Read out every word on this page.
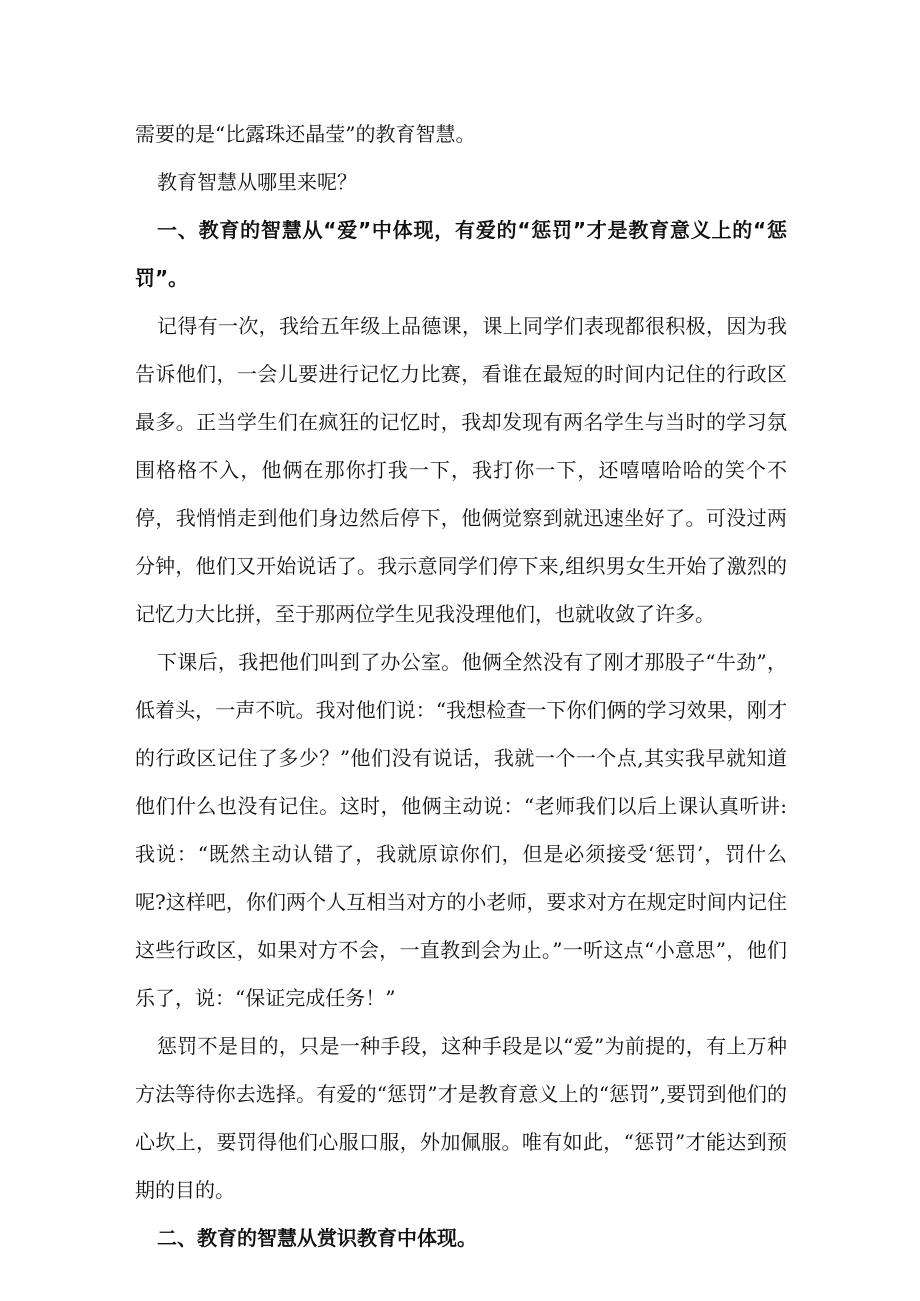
需要的是“比露珠还晶莹”的教育智慧。

教育智慧从哪里来呢？

一、教育的智慧从“爱”中体现，有爱的“惩罚”才是教育意义上的“惩罚”。

记得有一次，我给五年级上品德课，课上同学们表现都很积极，因为我告诉他们，一会儿要进行记忆力比赛，看谁在最短的时间内记住的行政区最多。正当学生们在疯狂的记忆时，我却发现有两名学生与当时的学习氛围格格不入，他俩在那你打我一下，我打你一下，还嘻嘻哈哈的笑个不停，我悄悄走到他们身边然后停下，他俩觉察到就迅速坐好了。可没过两分钟，他们又开始说话了。我示意同学们停下来,组织男女生开始了激烈的记忆力大比拼，至于那两位学生见我没理他们，也就收敛了许多。

下课后，我把他们叫到了办公室。他俩全然没有了刚才那股子“牛劲”，低着头，一声不吭。我对他们说：“我想检查一下你们俩的学习效果，刚才的行政区记住了多少？”他们没有说话，我就一个一个点,其实我早就知道他们什么也没有记住。这时，他俩主动说：“老师我们以后上课认真听讲:我说：“既然主动认错了，我就原谅你们，但是必须接受‘惩罚’，罚什么呢?这样吧，你们两个人互相当对方的小老师，要求对方在规定时间内记住这些行政区，如果对方不会，一直教到会为止。”一听这点“小意思”，他们乐了，说：“保证完成任务！”

惩罚不是目的，只是一种手段，这种手段是以“爱”为前提的，有上万种方法等待你去选择。有爱的“惩罚”才是教育意义上的“惩罚”,要罚到他们的心坎上，要罚得他们心服口服，外加佩服。唯有如此，“惩罚”才能达到预期的目的。

二、教育的智慧从赏识教育中体现。
